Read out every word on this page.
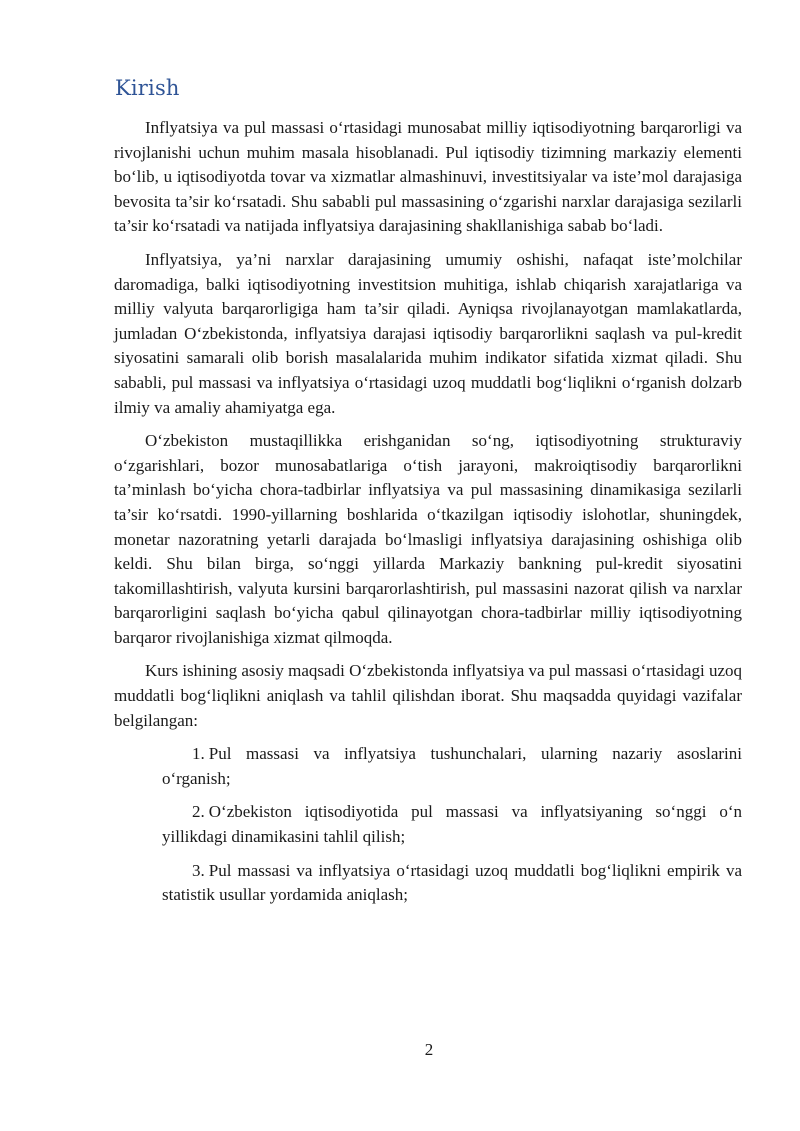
Kirish

Inflyatsiya va pul massasi o‘rtasidagi munosabat milliy iqtisodiyotning barqarorligi va rivojlanishi uchun muhim masala hisoblanadi. Pul iqtisodiy tizimning markaziy elementi bo‘lib, u iqtisodiyotda tovar va xizmatlar almashinuvi, investitsiyalar va iste’mol darajasiga bevosita ta’sir ko‘rsatadi. Shu sababli pul massasining o‘zgarishi narxlar darajasiga sezilarli ta’sir ko‘rsatadi va natijada inflyatsiya darajasining shakllanishiga sabab bo‘ladi.

Inflyatsiya, ya’ni narxlar darajasining umumiy oshishi, nafaqat iste’molchilar daromadiga, balki iqtisodiyotning investitsion muhitiga, ishlab chiqarish xarajatlariga va milliy valyuta barqarorligiga ham ta’sir qiladi. Ayniqsa rivojlanayotgan mamlakatlarda, jumladan O‘zbekistonda, inflyatsiya darajasi iqtisodiy barqarorlikni saqlash va pul-kredit siyosatini samarali olib borish masalalarida muhim indikator sifatida xizmat qiladi. Shu sababli, pul massasi va inflyatsiya o‘rtasidagi uzoq muddatli bog‘liqlikni o‘rganish dolzarb ilmiy va amaliy ahamiyatga ega.

O‘zbekiston mustaqillikka erishganidan so‘ng, iqtisodiyotning strukturaviy o‘zgarishlari, bozor munosabatlariga o‘tish jarayoni, makroiqtisodiy barqarorlikni ta’minlash bo‘yicha chora-tadbirlar inflyatsiya va pul massasining dinamikasiga sezilarli ta’sir ko‘rsatdi. 1990-yillarning boshlarida o‘tkazilgan iqtisodiy islohotlar, shuningdek, monetar nazoratning yetarli darajada bo‘lmasligi inflyatsiya darajasining oshishiga olib keldi. Shu bilan birga, so‘nggi yillarda Markaziy bankning pul-kredit siyosatini takomillashtirish, valyuta kursini barqarorlashtirish, pul massasini nazorat qilish va narxlar barqarorligini saqlash bo‘yicha qabul qilinayotgan chora-tadbirlar milliy iqtisodiyotning barqaror rivojlanishiga xizmat qilmoqda.

Kurs ishining asosiy maqsadi O‘zbekistonda inflyatsiya va pul massasi o‘rtasidagi uzoq muddatli bog‘liqlikni aniqlash va tahlil qilishdan iborat. Shu maqsadda quyidagi vazifalar belgilangan:

1. Pul massasi va inflyatsiya tushunchalari, ularning nazariy asoslarini o‘rganish;
2. O‘zbekiston iqtisodiyotida pul massasi va inflyatsiyaning so‘nggi o‘n yillikdagi dinamikasini tahlil qilish;
3. Pul massasi va inflyatsiya o‘rtasidagi uzoq muddatli bog‘liqlikni empirik va statistik usullar yordamida aniqlash;
2
